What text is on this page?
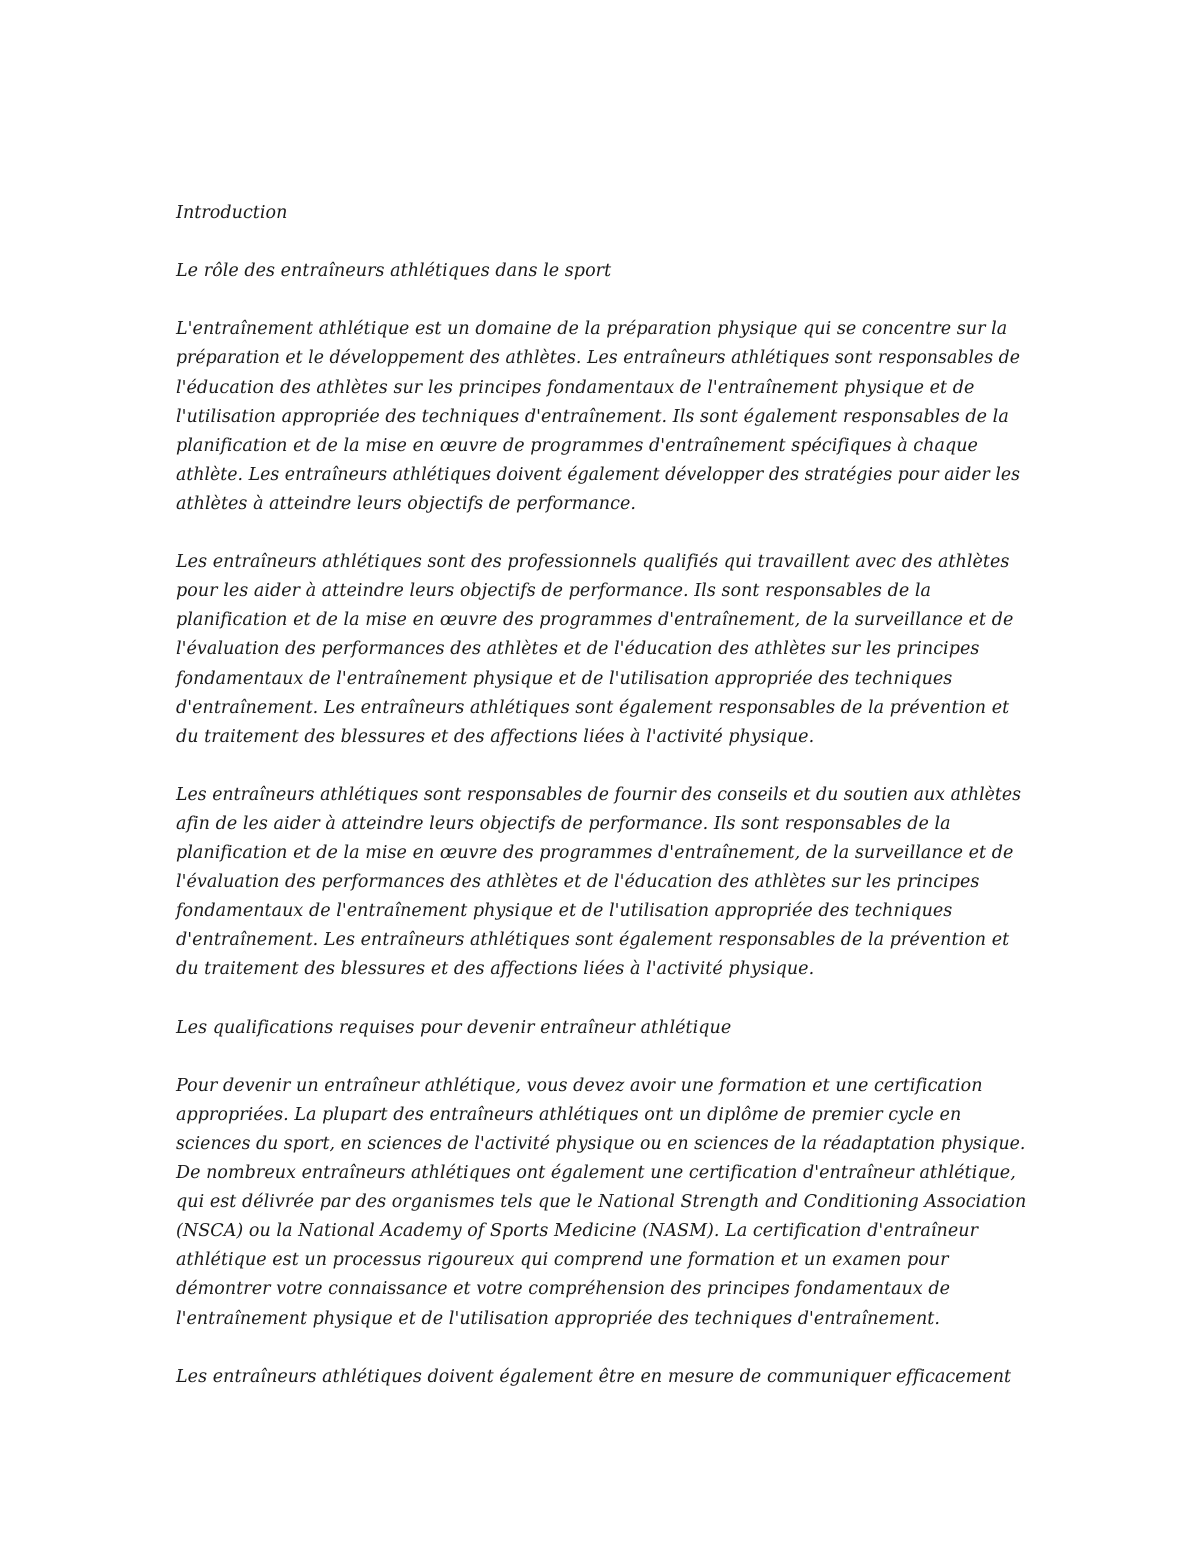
Introduction

Le rôle des entraîneurs athlétiques dans le sport

L'entraînement athlétique est un domaine de la préparation physique qui se concentre sur la
préparation et le développement des athlètes. Les entraîneurs athlétiques sont responsables de
l'éducation des athlètes sur les principes fondamentaux de l'entraînement physique et de
l'utilisation appropriée des techniques d'entraînement. Ils sont également responsables de la
planification et de la mise en œuvre de programmes d'entraînement spécifiques à chaque
athlète. Les entraîneurs athlétiques doivent également développer des stratégies pour aider les
athlètes à atteindre leurs objectifs de performance.

Les entraîneurs athlétiques sont des professionnels qualifiés qui travaillent avec des athlètes
pour les aider à atteindre leurs objectifs de performance. Ils sont responsables de la
planification et de la mise en œuvre des programmes d'entraînement, de la surveillance et de
l'évaluation des performances des athlètes et de l'éducation des athlètes sur les principes
fondamentaux de l'entraînement physique et de l'utilisation appropriée des techniques
d'entraînement. Les entraîneurs athlétiques sont également responsables de la prévention et
du traitement des blessures et des affections liées à l'activité physique.

Les entraîneurs athlétiques sont responsables de fournir des conseils et du soutien aux athlètes
afin de les aider à atteindre leurs objectifs de performance. Ils sont responsables de la
planification et de la mise en œuvre des programmes d'entraînement, de la surveillance et de
l'évaluation des performances des athlètes et de l'éducation des athlètes sur les principes
fondamentaux de l'entraînement physique et de l'utilisation appropriée des techniques
d'entraînement. Les entraîneurs athlétiques sont également responsables de la prévention et
du traitement des blessures et des affections liées à l'activité physique.

Les qualifications requises pour devenir entraîneur athlétique

Pour devenir un entraîneur athlétique, vous devez avoir une formation et une certification
appropriées. La plupart des entraîneurs athlétiques ont un diplôme de premier cycle en
sciences du sport, en sciences de l'activité physique ou en sciences de la réadaptation physique.
De nombreux entraîneurs athlétiques ont également une certification d'entraîneur athlétique,
qui est délivrée par des organismes tels que le National Strength and Conditioning Association
(NSCA) ou la National Academy of Sports Medicine (NASM). La certification d'entraîneur
athlétique est un processus rigoureux qui comprend une formation et un examen pour
démontrer votre connaissance et votre compréhension des principes fondamentaux de
l'entraînement physique et de l'utilisation appropriée des techniques d'entraînement.

Les entraîneurs athlétiques doivent également être en mesure de communiquer efficacement
